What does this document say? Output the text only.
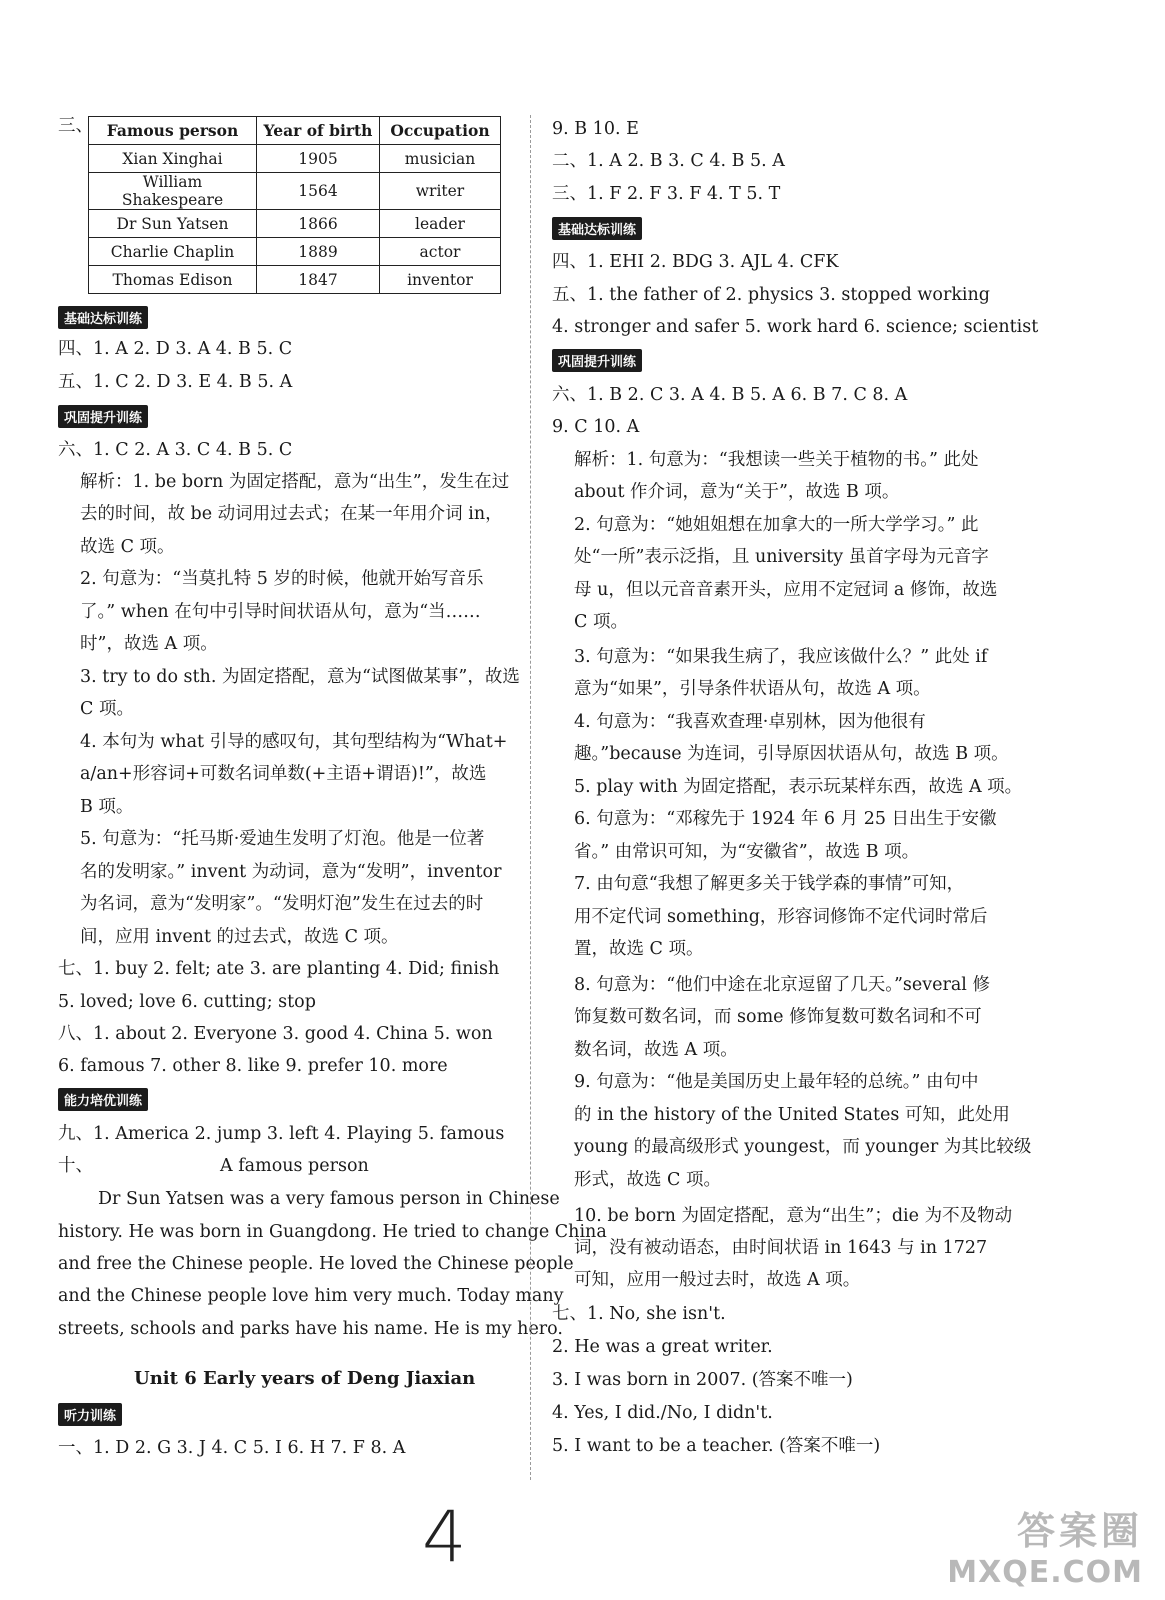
三、 Famous person	Year of birth	Occupation
Xian Xinghai	1905	musician
William Shakespeare	1564	writer
Dr Sun Yatsen	1866	leader
Charlie Chaplin	1889	actor
Thomas Edison	1847	inventor
基础达标训练
四、1. A 2. D 3. A 4. B 5. C
五、1. C 2. D 3. E 4. B 5. A
巩固提升训练
六、1. C 2. A 3. C 4. B 5. C
解析：1. be born 为固定搭配，意为“出生”，发生在过
去的时间，故 be 动词用过去式；在某一年用介词 in，
故选 C 项。
2. 句意为：“当莫扎特 5 岁的时候，他就开始写音乐
了。” when 在句中引导时间状语从句，意为“当……
时”，故选 A 项。
3. try to do sth. 为固定搭配，意为“试图做某事”，故选
C 项。
4. 本句为 what 引导的感叹句，其句型结构为“What+
a/an+形容词+可数名词单数(+主语+谓语)!”，故选
B 项。
5. 句意为：“托马斯·爱迪生发明了灯泡。他是一位著
名的发明家。” invent 为动词，意为“发明”，inventor
为名词，意为“发明家”。“发明灯泡”发生在过去的时
间，应用 invent 的过去式，故选 C 项。
七、1. buy 2. felt; ate 3. are planting 4. Did; finish
5. loved; love 6. cutting; stop
八、1. about 2. Everyone 3. good 4. China 5. won
6. famous 7. other 8. like 9. prefer 10. more
能力培优训练
九、1. America 2. jump 3. left 4. Playing 5. famous
十、	A famous person
Dr Sun Yatsen was a very famous person in Chinese
history. He was born in Guangdong. He tried to change China
and free the Chinese people. He loved the Chinese people
and the Chinese people love him very much. Today many
streets, schools and parks have his name. He is my hero.
Unit 6 Early years of Deng Jiaxian
听力训练
一、1. D 2. G 3. J 4. C 5. I 6. H 7. F 8. A
9. B 10. E
二、1. A 2. B 3. C 4. B 5. A
三、1. F 2. F 3. F 4. T 5. T
基础达标训练
四、1. EHI 2. BDG 3. AJL 4. CFK
五、1. the father of 2. physics 3. stopped working
4. stronger and safer 5. work hard 6. science; scientist
巩固提升训练
六、1. B 2. C 3. A 4. B 5. A 6. B 7. C 8. A
9. C 10. A
解析：1. 句意为：“我想读一些关于植物的书。” 此处
about 作介词，意为“关于”，故选 B 项。
2. 句意为：“她姐姐想在加拿大的一所大学学习。” 此
处“一所”表示泛指，且 university 虽首字母为元音字
母 u，但以元音音素开头，应用不定冠词 a 修饰，故选
C 项。
3. 句意为：“如果我生病了，我应该做什么？” 此处 if
意为“如果”，引导条件状语从句，故选 A 项。
4. 句意为：“我喜欢查理·卓别林，因为他很有
趣。”because 为连词，引导原因状语从句，故选 B 项。
5. play with 为固定搭配，表示玩某样东西，故选 A 项。
6. 句意为：“邓稼先于 1924 年 6 月 25 日出生于安徽
省。” 由常识可知，为“安徽省”，故选 B 项。
7. 由句意“我想了解更多关于钱学森的事情”可知，
用不定代词 something，形容词修饰不定代词时常后
置，故选 C 项。
8. 句意为：“他们中途在北京逗留了几天。”several 修
饰复数可数名词，而 some 修饰复数可数名词和不可
数名词，故选 A 项。
9. 句意为：“他是美国历史上最年轻的总统。” 由句中
的 in the history of the United States 可知，此处用
young 的最高级形式 youngest，而 younger 为其比较级
形式，故选 C 项。
10. be born 为固定搭配，意为“出生”；die 为不及物动
词，没有被动语态，由时间状语 in 1643 与 in 1727
可知，应用一般过去时，故选 A 项。
七、1. No, she isn't.
2. He was a great writer.
3. I was born in 2007. (答案不唯一)
4. Yes, I did./No, I didn't.
5. I want to be a teacher. (答案不唯一)
4	答案圈
MXQE.COM
